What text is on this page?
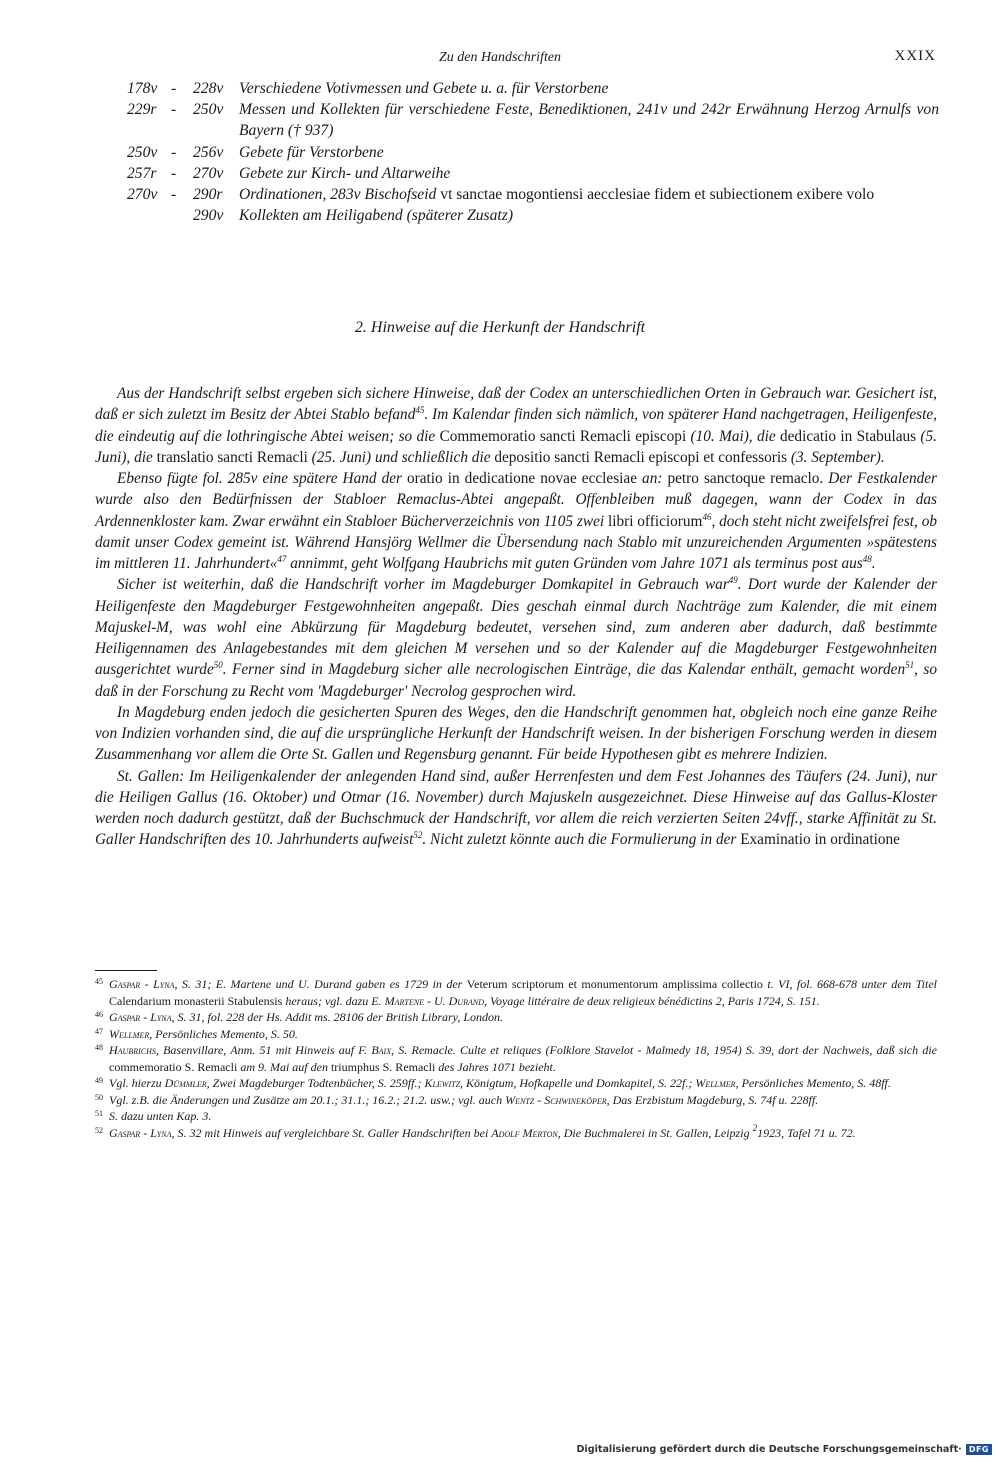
Zu den Handschriften	XXIX
178v - 228v Verschiedene Votivmessen und Gebete u. a. für Verstorbene
229r - 250v Messen und Kollekten für verschiedene Feste, Benediktionen, 241v und 242r Erwähnung Herzog Arnulfs von Bayern († 937)
250v - 256v Gebete für Verstorbene
257r - 270v Gebete zur Kirch- und Altarweihe
270v - 290r Ordinationen, 283v Bischofseid vt sanctae mogontiensi aecclesiae fidem et subiectionem exibere volo
290v Kollekten am Heiligabend (späterer Zusatz)
2. Hinweise auf die Herkunft der Handschrift

Aus der Handschrift selbst ergeben sich sichere Hinweise, daß der Codex an unterschiedlichen Orten in Gebrauch war. Gesichert ist, daß er sich zuletzt im Besitz der Abtei Stablo befand$^{45}$. Im Kalendar finden sich nämlich, von späterer Hand nachgetragen, Heiligenfeste, die eindeutig auf die lothringische Abtei weisen; so die Commemoratio sancti Remacli episcopi (10. Mai), die dedicatio in Stabulaus (5. Juni), die translatio sancti Remacli (25. Juni) und schließlich die depositio sancti Remacli episcopi et confessoris (3. September).

Ebenso fügte fol. 285v eine spätere Hand der oratio in dedicatione novae ecclesiae an: petro sanctoque remaclo. Der Festkalender wurde also den Bedürfnissen der Stabloer Remaclus-Abtei angepaßt. Offenbleiben muß dagegen, wann der Codex in das Ardennenkloster kam. Zwar erwähnt ein Stabloer Bücherverzeichnis von 1105 zwei libri officiorum$^{46}$, doch steht nicht zweifelsfrei fest, ob damit unser Codex gemeint ist. Während Hansjörg Wellmer die Übersendung nach Stablo mit unzureichenden Argumenten »spätestens im mittleren 11. Jahrhundert«$^{47}$ annimmt, geht Wolfgang Haubrichs mit guten Gründen vom Jahre 1071 als terminus post aus$^{48}$.

Sicher ist weiterhin, daß die Handschrift vorher im Magdeburger Domkapitel in Gebrauch war$^{49}$. Dort wurde der Kalender der Heiligenfeste den Magdeburger Festgewohnheiten angepaßt. Dies geschah einmal durch Nachträge zum Kalender, die mit einem Majuskel-M, was wohl eine Abkürzung für Magdeburg bedeutet, versehen sind, zum anderen aber dadurch, daß bestimmte Heiligennamen des Anlagebestandes mit dem gleichen M versehen und so der Kalender auf die Magdeburger Festgewohnheiten ausgerichtet wurde$^{50}$. Ferner sind in Magdeburg sicher alle necrologischen Einträge, die das Kalendar enthält, gemacht worden$^{51}$, so daß in der Forschung zu Recht vom 'Magdeburger' Necrolog gesprochen wird.

In Magdeburg enden jedoch die gesicherten Spuren des Weges, den die Handschrift genommen hat, obgleich noch eine ganze Reihe von Indizien vorhanden sind, die auf die ursprüngliche Herkunft der Handschrift weisen. In der bisherigen Forschung werden in diesem Zusammenhang vor allem die Orte St. Gallen und Regensburg genannt. Für beide Hypothesen gibt es mehrere Indizien.

St. Gallen: Im Heiligenkalender der anlegenden Hand sind, außer Herrenfesten und dem Fest Johannes des Täufers (24. Juni), nur die Heiligen Gallus (16. Oktober) und Otmar (16. November) durch Majuskeln ausgezeichnet. Diese Hinweise auf das Gallus-Kloster werden noch dadurch gestützt, daß der Buchschmuck der Handschrift, vor allem die reich verzierten Seiten 24vff., starke Affinität zu St. Galler Handschriften des 10. Jahrhunderts aufweist$^{52}$. Nicht zuletzt könnte auch die Formulierung in der Examinatio in ordinatione

45 Gaspar - Lyna, S. 31; E. Martene und U. Durand gaben es 1729 in der Veterum scriptorum et monumentorum amplissima collectio t. VI, fol. 668-678 unter dem Titel Calendarium monasterii Stabulensis heraus; vgl. dazu E. Martene - U. Durand, Voyage littéraire de deux religieux bénédictins 2, Paris 1724, S. 151.
46 Gaspar - Lyna, S. 31, fol. 228 der Hs. Addit ms. 28106 der British Library, London.
47 Wellmer, Persönliches Memento, S. 50.
48 Haubrichs, Basenvillare, Anm. 51 mit Hinweis auf F. Baix, S. Remacle. Culte et reliques (Folklore Stavelot - Malmedy 18, 1954) S. 39, dort der Nachweis, daß sich die commemoratio S. Remacli am 9. Mai auf den triumphus S. Remacli des Jahres 1071 bezieht.
49 Vgl. hierzu Dümmler, Zwei Magdeburger Todtenbücher, S. 259ff.; Klewitz, Königtum, Hofkapelle und Domkapitel, S. 22f.; Wellmer, Persönliches Memento, S. 48ff.
50 Vgl. z.B. die Änderungen und Zusätze am 20.1.; 31.1.; 16.2.; 21.2. usw.; vgl. auch Wentz - Schwineköper, Das Erzbistum Magdeburg, S. 74f u. 228ff.
51 S. dazu unten Kap. 3.
52 Gaspar - Lyna, S. 32 mit Hinweis auf vergleichbare St. Galler Handschriften bei Adolf Merton, Die Buchmalerei in St. Gallen, Leipzig $^2$1923, Tafel 71 u. 72.
Digitalisierung gefördert durch die Deutsche Forschungsgemeinschaft · DFG
